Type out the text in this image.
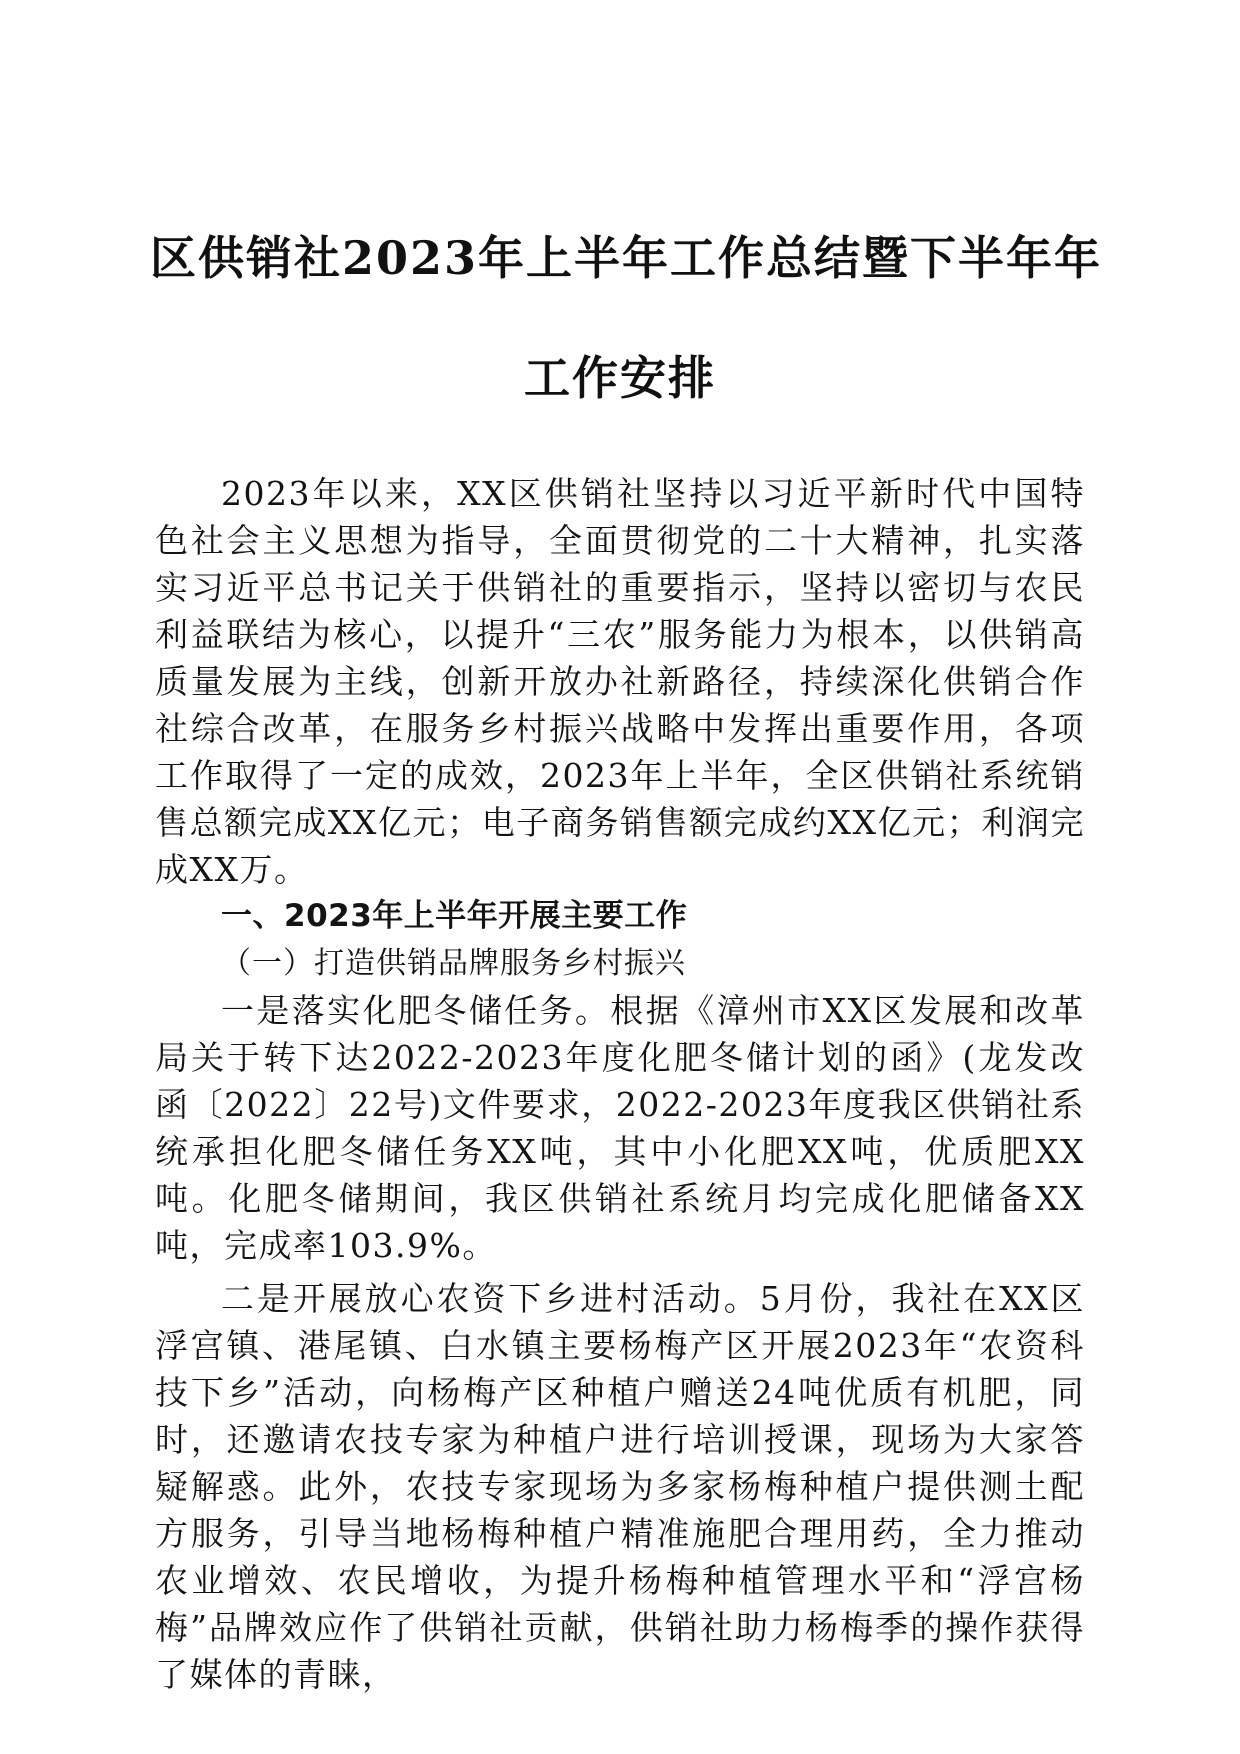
区供销社2023年上半年工作总结暨下半年年
工作安排

2023年以来，XX区供销社坚持以习近平新时代中国特色社会主义思想为指导，全面贯彻党的二十大精神，扎实落实习近平总书记关于供销社的重要指示，坚持以密切与农民利益联结为核心，以提升“三农”服务能力为根本，以供销高质量发展为主线，创新开放办社新路径，持续深化供销合作社综合改革，在服务乡村振兴战略中发挥出重要作用，各项工作取得了一定的成效，2023年上半年，全区供销社系统销售总额完成XX亿元；电子商务销售额完成约XX亿元；利润完成XX万。

一、2023年上半年开展主要工作

（一）打造供销品牌服务乡村振兴

一是落实化肥冬储任务。根据《漳州市XX区发展和改革局关于转下达2022-2023年度化肥冬储计划的函》(龙发改函〔2022〕22号)文件要求，2022-2023年度我区供销社系统承担化肥冬储任务XX吨，其中小化肥XX吨，优质肥XX吨。化肥冬储期间，我区供销社系统月均完成化肥储备XX吨，完成率103.9%。

二是开展放心农资下乡进村活动。5月份，我社在XX区浮宫镇、港尾镇、白水镇主要杨梅产区开展2023年“农资科技下乡”活动，向杨梅产区种植户赠送24吨优质有机肥，同时，还邀请农技专家为种植户进行培训授课，现场为大家答疑解惑。此外，农技专家现场为多家杨梅种植户提供测土配方服务，引导当地杨梅种植户精准施肥合理用药，全力推动农业增效、农民增收，为提升杨梅种植管理水平和“浮宫杨梅”品牌效应作了供销社贡献，供销社助力杨梅季的操作获得了媒体的青睐，
